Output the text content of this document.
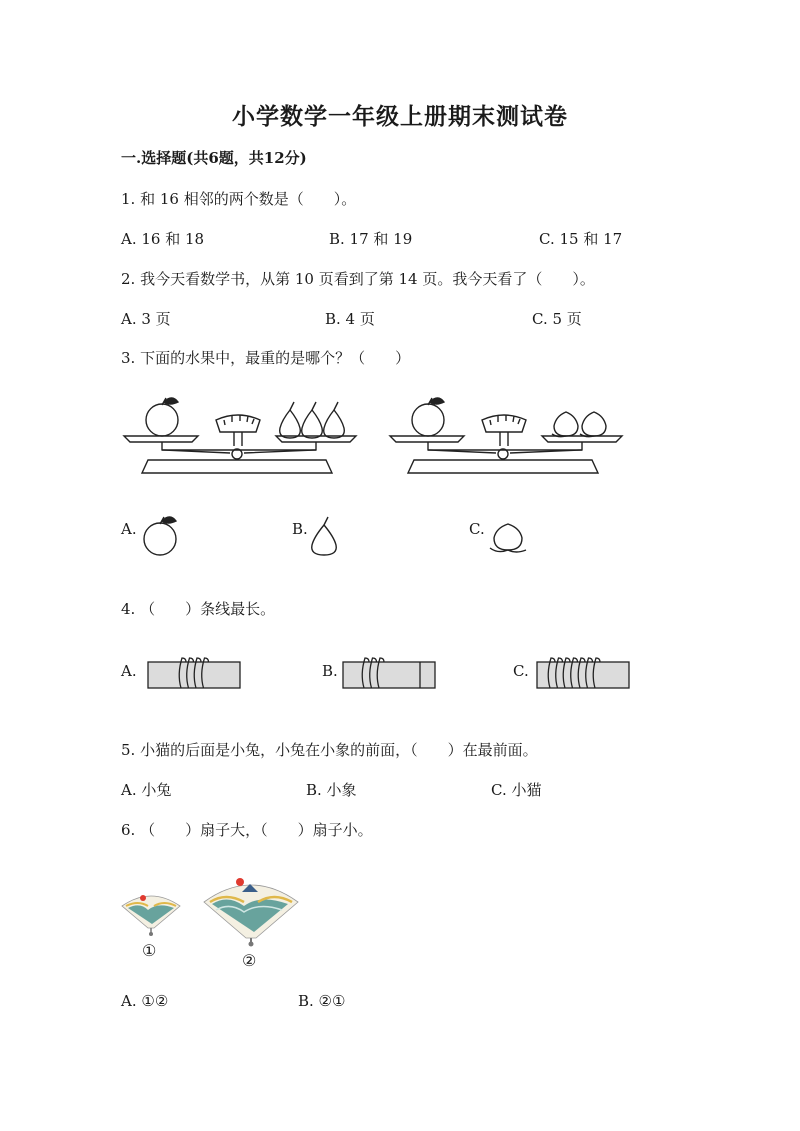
小学数学一年级上册期末测试卷
一.选择题(共6题，共12分)
1. 和 16 相邻的两个数是（　　）。
A. 16 和 18	B. 17 和 19	C. 15 和 17
2. 我今天看数学书，从第 10 页看到了第 14 页。我今天看了（　　）。
A. 3 页	B. 4 页	C. 5 页
3. 下面的水果中，最重的是哪个？（　　）
A.	B.	C.
4. （　　）条线最长。
A.	B.	C.
5. 小猫的后面是小兔，小兔在小象的前面，（　　）在最前面。
A. 小兔	B. 小象	C. 小猫
6. （　　）扇子大，（　　）扇子小。
①
②
A. ①②	B. ②①
